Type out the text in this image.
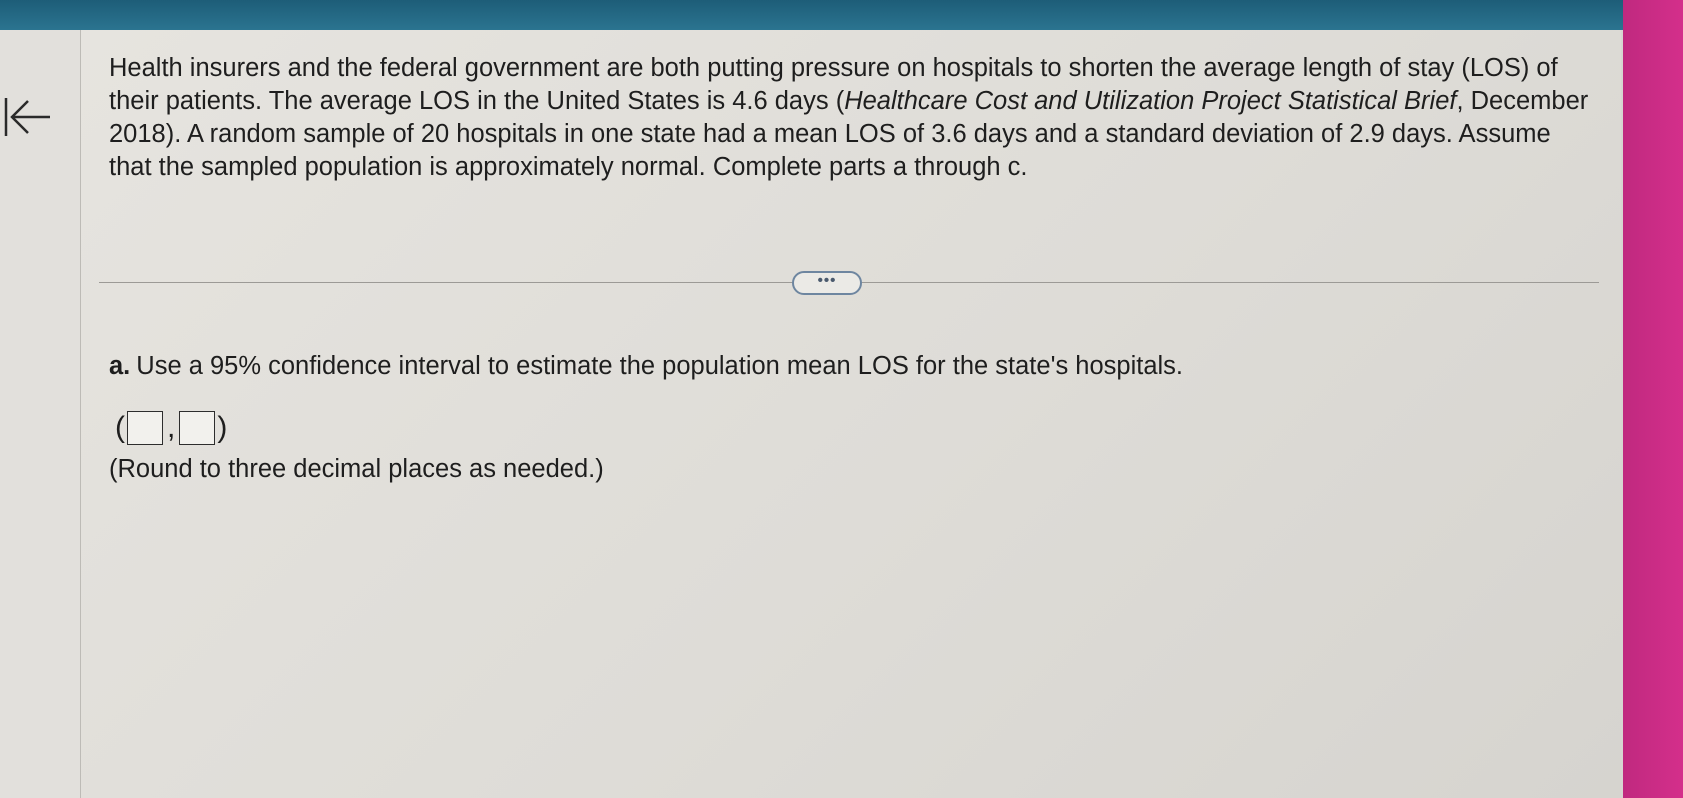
Health insurers and the federal government are both putting pressure on hospitals to shorten the average length of stay (LOS) of their patients. The average LOS in the United States is 4.6 days (Healthcare Cost and Utilization Project Statistical Brief, December 2018). A random sample of 20 hospitals in one state had a mean LOS of 3.6 days and a standard deviation of 2.9 days. Assume that the sampled population is approximately normal. Complete parts a through c.
•••
a. Use a 95% confidence interval to estimate the population mean LOS for the state's hospitals.
( , )
(Round to three decimal places as needed.)
